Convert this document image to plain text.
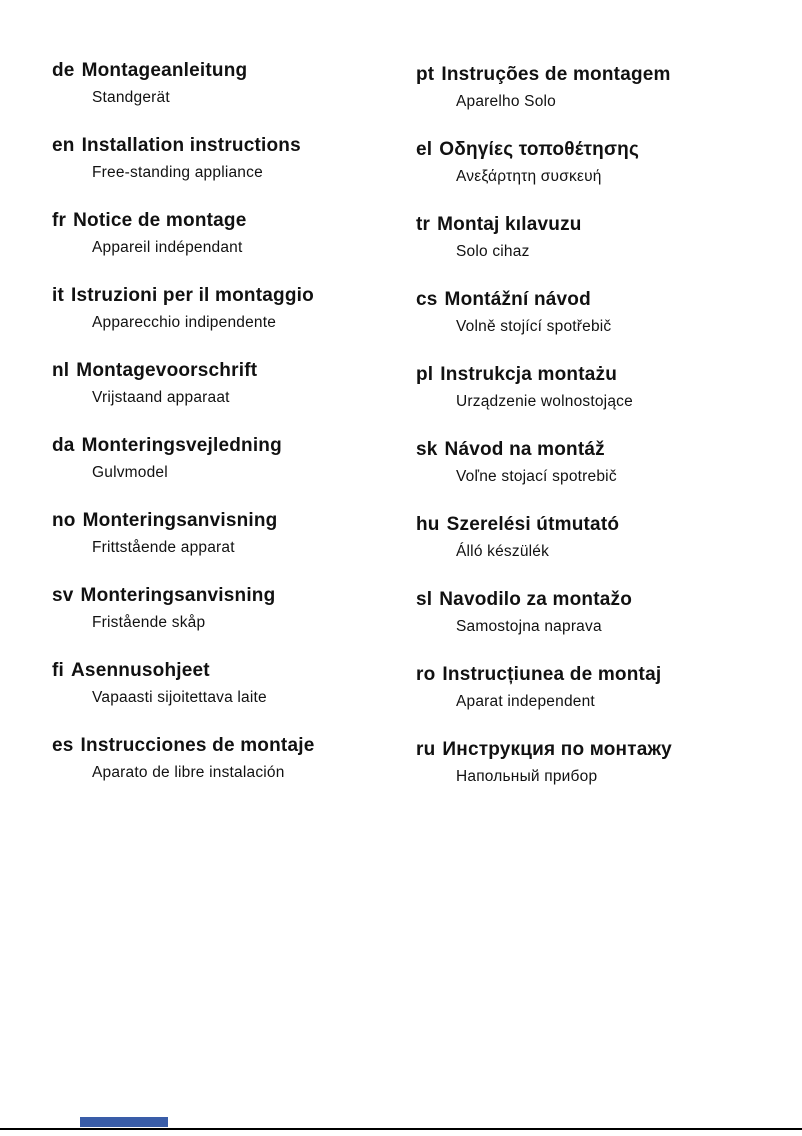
de Montageanleitung
Standgerät
en Installation instructions
Free-standing appliance
fr Notice de montage
Appareil indépendant
it Istruzioni per il montaggio
Apparecchio indipendente
nl Montagevoorschrift
Vrijstaand apparaat
da Monteringsvejledning
Gulvmodel
no Monteringsanvisning
Frittstående apparat
sv Monteringsanvisning
Fristående skåp
fi Asennusohjeet
Vapaasti sijoitettava laite
es Instrucciones de montaje
Aparato de libre instalación
pt Instruções de montagem
Aparelho Solo
el Οδηγίες τοποθέτησης
Ανεξάρτητη συσκευή
tr Montaj kılavuzu
Solo cihaz
cs Montážní návod
Volně stojící spotřebič
pl Instrukcja montażu
Urządzenie wolnostojące
sk Návod na montáž
Voľne stojací spotrebič
hu Szerelési útmutató
Álló készülék
sl Navodilo za montažo
Samostojna naprava
ro Instrucțiunea de montaj
Aparat independent
ru Инструкция по монтажу
Напольный прибор
